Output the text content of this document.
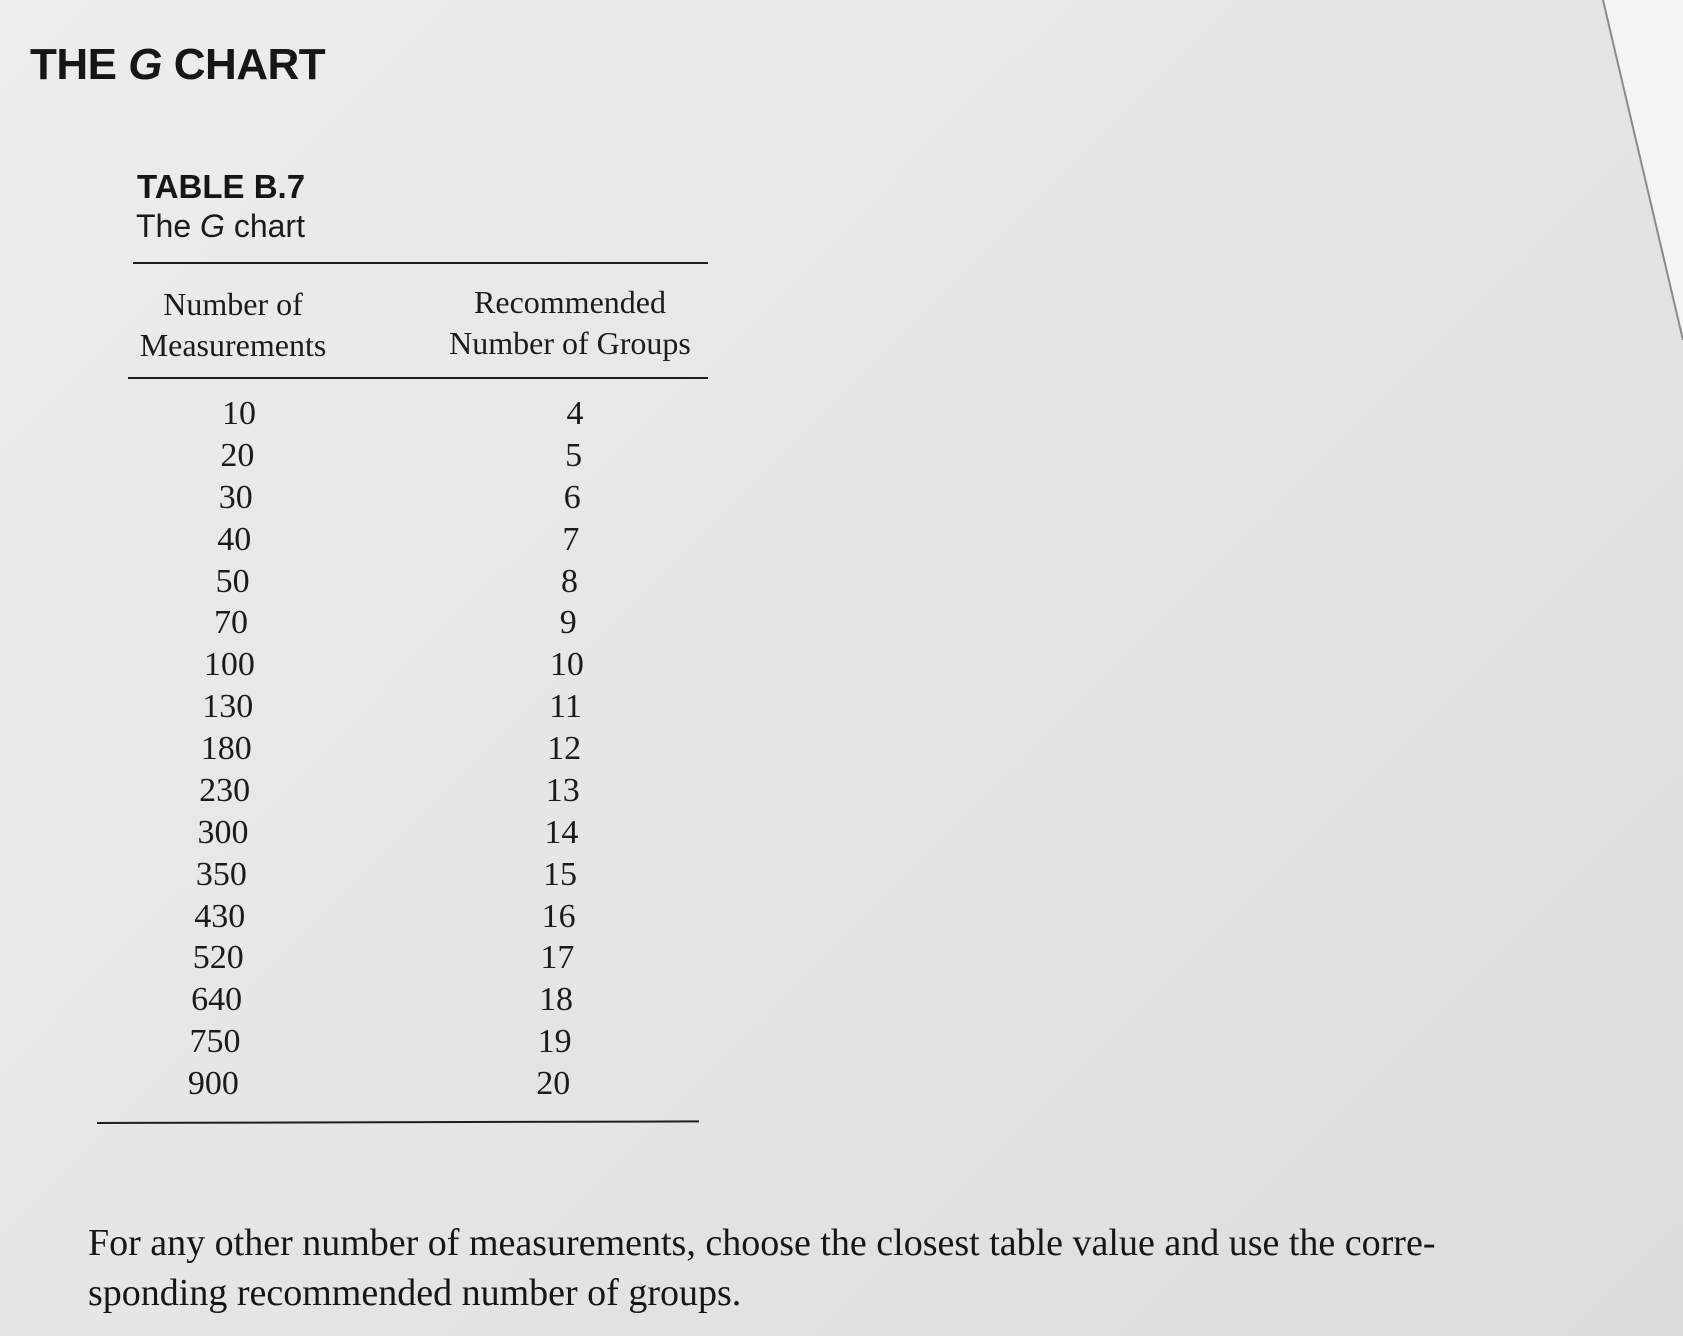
THE G CHART
TABLE B.7
The G chart
Number of
Measurements
Recommended
Number of Groups
10	4
20	5
30	6
40	7
50	8
70	9
100	10
130	11
180	12
230	13
300	14
350	15
430	16
520	17
640	18
750	19
900	20
For any other number of measurements, choose the closest table value and use the corre-
sponding recommended number of groups.
